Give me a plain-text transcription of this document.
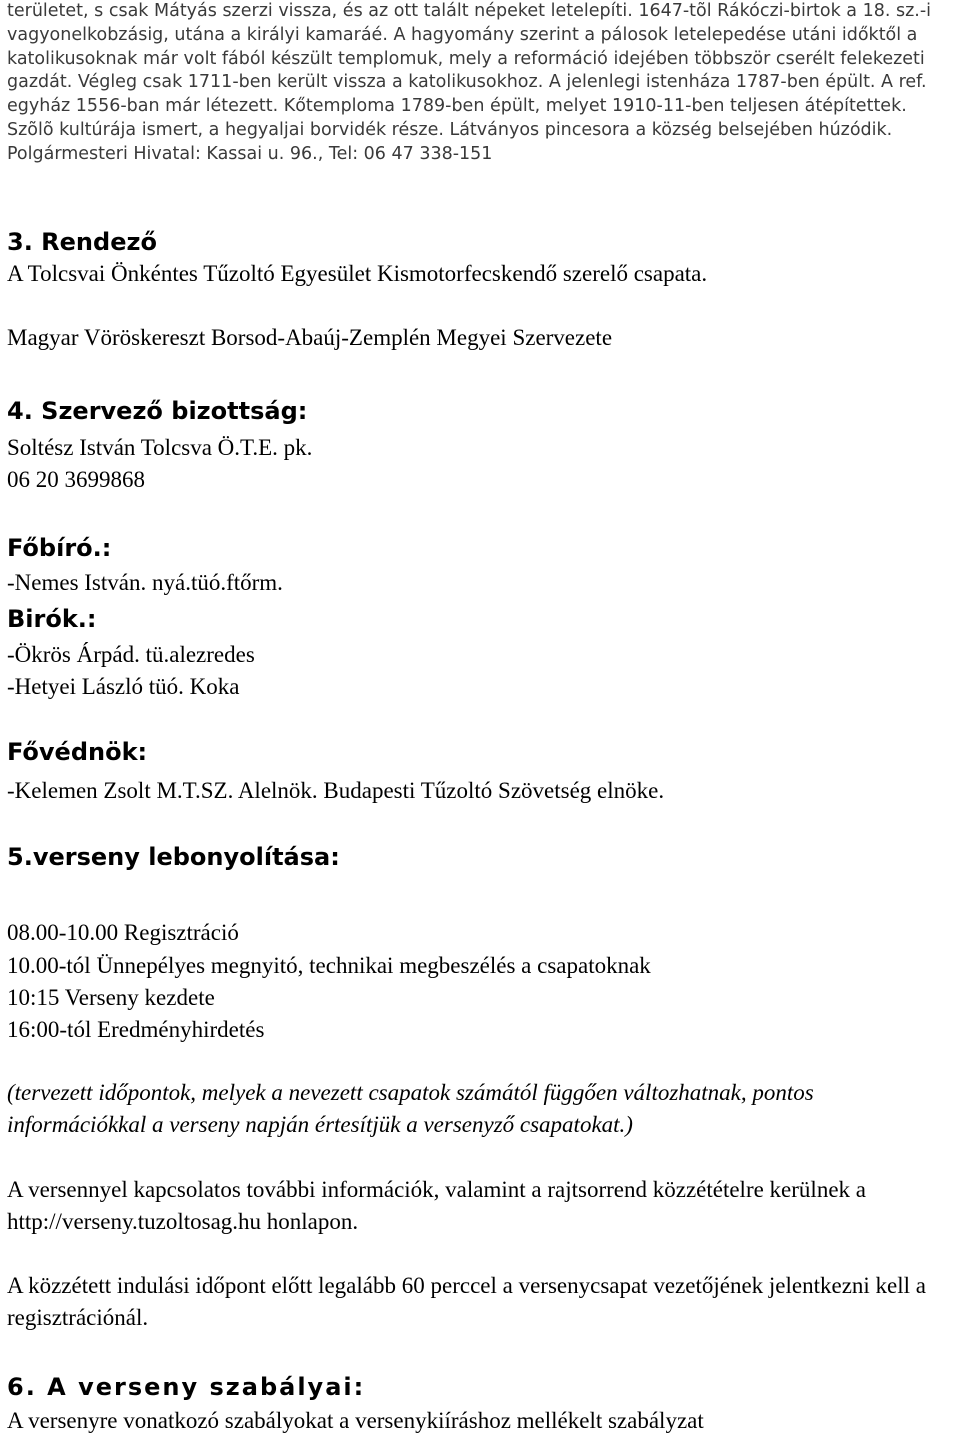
területet, s csak Mátyás szerzi vissza, és az ott talált népeket letelepíti. 1647-tõl Rákóczi-birtok a 18. sz.-i vagyonelkobzásig, utána a királyi kamaráé. A hagyomány szerint a pálosok letelepedése utáni időktől a katolikusoknak már volt fából készült templomuk, mely a reformáció idejében többször cserélt felekezeti gazdát. Végleg csak 1711-ben került vissza a katolikusokhoz. A jelenlegi istenháza 1787-ben épült. A ref. egyház 1556-ban már létezett. Kőtemploma 1789-ben épült, melyet 1910-11-ben teljesen átépítettek. Szõlõ kultúrája ismert, a hegyaljai borvidék része. Látványos pincesora a község belsejében húzódik. Polgármesteri Hivatal: Kassai u. 96., Tel: 06 47 338-151

3. Rendező

A Tolcsvai Önkéntes Tűzoltó Egyesület Kismotorfecskendő szerelő csapata.

Magyar Vöröskereszt Borsod-Abaúj-Zemplén Megyei Szervezete

4. Szervező bizottság:

Soltész István Tolcsva Ö.T.E. pk.

06 20 3699868

Főbíró.:

-Nemes István. nyá.tüó.ftőrm.

Birók.:

-Ökrös Árpád. tü.alezredes

-Hetyei László tüó. Koka

Fővédnök:

-Kelemen Zsolt M.T.SZ. Alelnök. Budapesti Tűzoltó Szövetség elnöke.

5.verseny lebonyolítása:

08.00-10.00 Regisztráció

10.00-tól Ünnepélyes megnyitó, technikai megbeszélés a csapatoknak

10:15 Verseny kezdete

16:00-tól Eredményhirdetés

(tervezett időpontok, melyek a nevezett csapatok számától függően változhatnak, pontos információkkal a verseny napján értesítjük a versenyző csapatokat.)

A versennyel kapcsolatos további információk, valamint a rajtsorrend közzétételre kerülnek a http://verseny.tuzoltosag.hu honlapon.

A közzétett indulási időpont előtt legalább 60 perccel a versenycsapat vezetőjének jelentkezni kell a regisztrációnál.

6. A verseny szabályai:

A versenyre vonatkozó szabályokat a versenykiíráshoz mellékelt szabályzat
